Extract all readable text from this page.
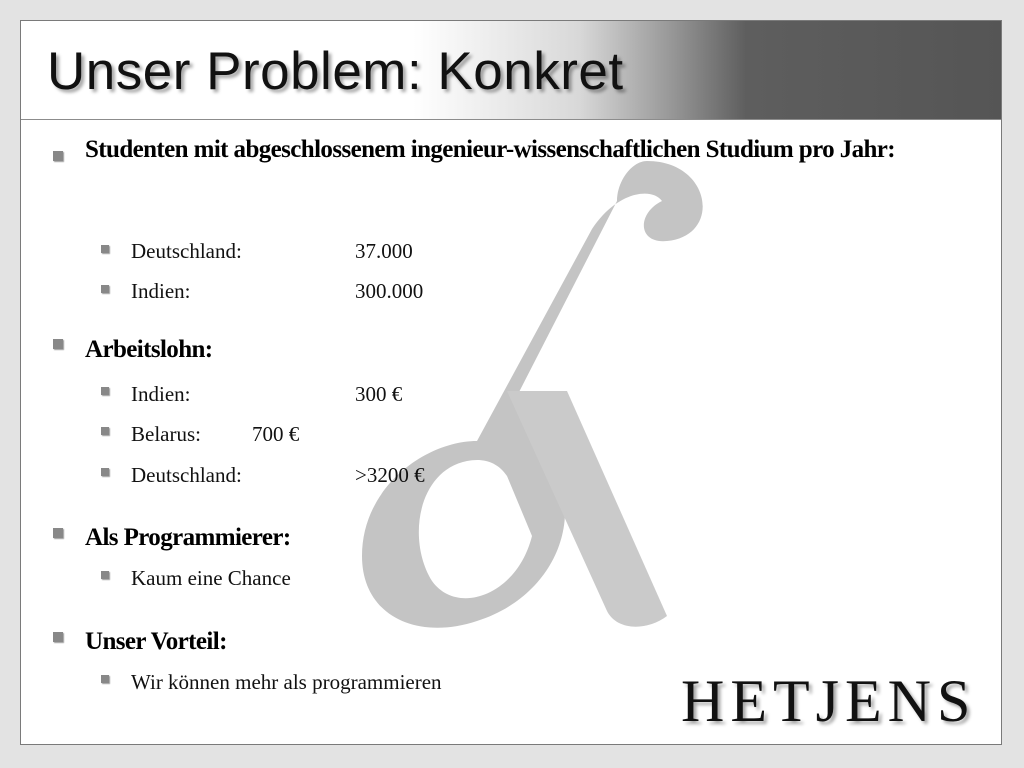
Unser Problem: Konkret
Studenten mit abgeschlossenem ingenieur-wissenschaftlichen Studium pro Jahr:
Deutschland:	37.000
Indien:	300.000
Arbeitslohn:
Indien:	300 €
Belarus: 700 €
Deutschland:	>3200 €
Als Programmierer:
Kaum eine Chance
Unser Vorteil:
Wir können mehr als programmieren	HETJENS
